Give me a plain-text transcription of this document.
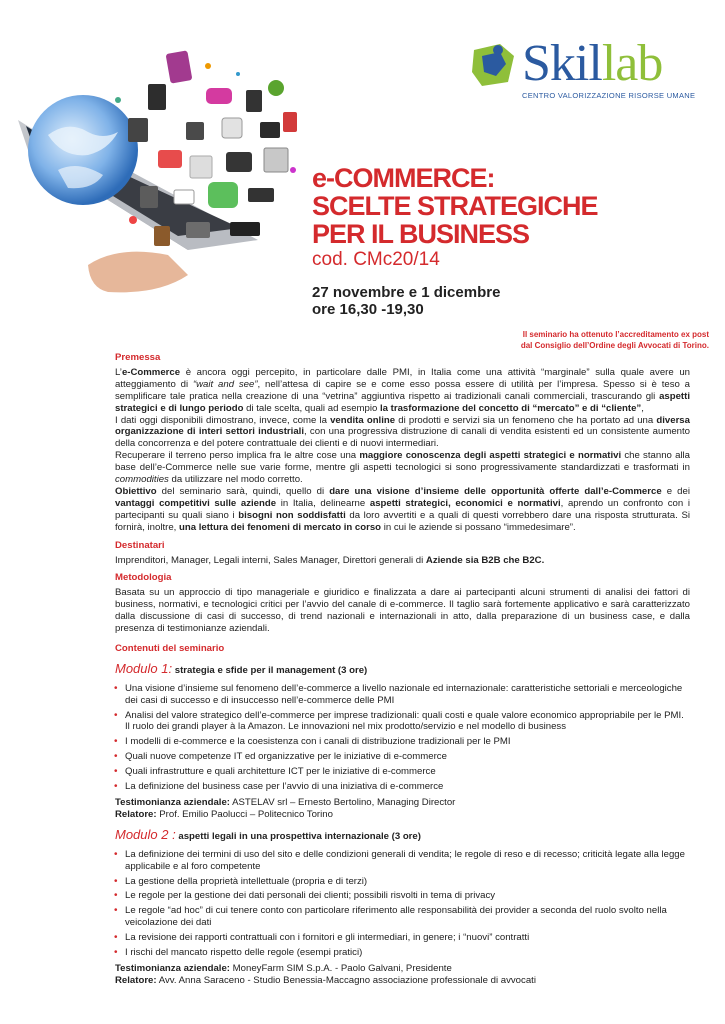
Skillab
CENTRO VALORIZZAZIONE RISORSE UMANE
e-COMMERCE:
SCELTE STRATEGICHE
PER IL BUSINESS
cod. CMc20/14
27 novembre e 1 dicembre
ore 16,30 -19,30
Il seminario ha ottenuto l’accreditamento ex post
dal Consiglio dell’Ordine degli Avvocati di Torino.
Premessa

L’e-Commerce è ancora oggi percepito, in particolare dalle PMI, in Italia come una attività “marginale” sulla quale avere un atteggiamento di “wait and see”, nell’attesa di capire se e come esso possa essere di utilità per l’impresa. Spesso si è teso a semplificare tale pratica nella creazione di una “vetrina” aggiuntiva rispetto ai tradizionali canali commerciali, trascurando gli aspetti strategici e di lungo periodo di tale scelta, quali ad esempio la trasformazione del concetto di “mercato” e di “cliente”,

I dati oggi disponibili dimostrano, invece, come la vendita online di prodotti e servizi sia un fenomeno che ha portato ad una diversa organizzazione di interi settori industriali, con una progressiva distruzione di canali di vendita esistenti ed un consistente aumento della concorrenza e del potere contrattuale dei clienti e di nuovi intermediari.

Recuperare il terreno perso implica fra le altre cose una maggiore conoscenza degli aspetti strategici e normativi che stanno alla base dell’e-Commerce nelle sue varie forme, mentre gli aspetti tecnologici si sono progressivamente standardizzati e trasformati in commodities da utilizzare nel modo corretto.

Obiettivo del seminario sarà, quindi, quello di dare una visione d’insieme delle opportunità offerte dall’e-Commerce e dei vantaggi competitivi sulle aziende in Italia, delinearne aspetti strategici, economici e normativi, aprendo un confronto con i partecipanti su quali siano i bisogni non soddisfatti da loro avvertiti e a quali di questi vorrebbero dare una risposta strutturata. Si fornirà, inoltre, una lettura dei fenomeni di mercato in corso in cui le aziende si possano “immedesimare”.

Destinatari

Imprenditori, Manager, Legali interni, Sales Manager, Direttori generali di Aziende sia B2B che B2C.

Metodologia

Basata su un approccio di tipo manageriale e giuridico e finalizzata a dare ai partecipanti alcuni strumenti di analisi dei fattori di business, normativi, e tecnologici critici per l’avvio del canale di e-commerce. Il taglio sarà fortemente applicativo e sarà caratterizzato dalla discussione di casi di successo, di trend nazionali e internazionali in atto, dalla preparazione di un business case, e dalla presenza di testimonianze aziendali.

Contenuti del seminario
Modulo 1: strategia e sfide per il management (3 ore)
• Una visione d’insieme sul fenomeno dell’e-commerce a livello nazionale ed internazionale: caratteristiche settoriali e merceologiche dei casi di successo e di insuccesso nell’e-commerce delle PMI
• Analisi del valore strategico dell’e-commerce per imprese tradizionali: quali costi e quale valore economico appropriabile per le PMI. Il ruolo dei grandi player à la Amazon. Le innovazioni nel mix prodotto/servizio e nel modello di business
• I modelli di e-commerce e la coesistenza con i canali di distribuzione tradizionali per le PMI
• Quali nuove competenze IT ed organizzative per le iniziative di e-commerce
• Quali infrastrutture e quali architetture ICT per le iniziative di e-commerce
• La definizione del business case per l’avvio di una iniziativa di e-commerce
Testimonianza aziendale: ASTELAV srl – Ernesto Bertolino, Managing Director
Relatore: Prof. Emilio Paolucci – Politecnico Torino
Modulo 2 : aspetti legali in una prospettiva internazionale (3 ore)
• La definizione dei termini di uso del sito e delle condizioni generali di vendita; le regole di reso e di recesso; criticità legate alla legge applicabile e al foro competente
• La gestione della proprietà intellettuale (propria e di terzi)
• Le regole per la gestione dei dati personali dei clienti; possibili risvolti in tema di privacy
• Le regole “ad hoc” di cui tenere conto con particolare riferimento alle responsabilità dei provider a seconda del ruolo svolto nella veicolazione dei dati
• La revisione dei rapporti contrattuali con i fornitori e gli intermediari, in genere; i “nuovi” contratti
• I rischi del mancato rispetto delle regole (esempi pratici)
Testimonianza aziendale: MoneyFarm SIM S.p.A. - Paolo Galvani, Presidente
Relatore: Avv. Anna Saraceno - Studio Benessia-Maccagno associazione professionale di avvocati
